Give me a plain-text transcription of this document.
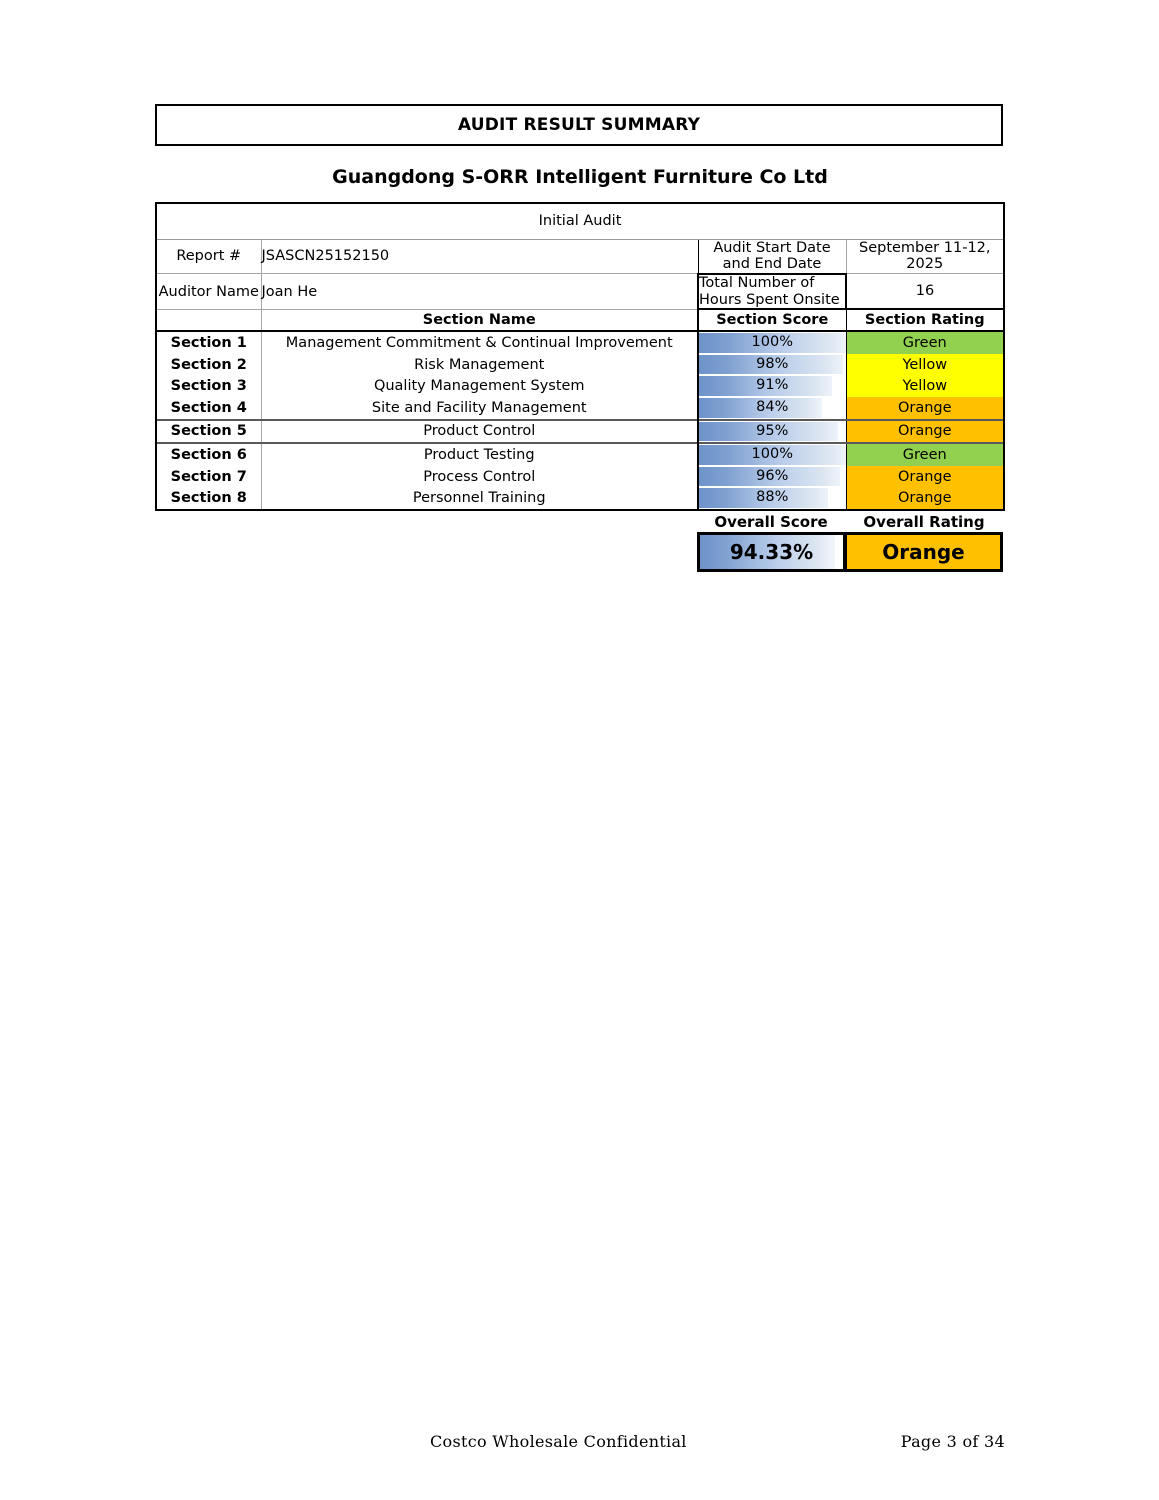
AUDIT RESULT SUMMARY
Guangdong S-ORR Intelligent Furniture Co Ltd
Initial Audit			
Report #	JSASCN25152150	Audit Start Date and End Date	September 11-12, 2025
Auditor Name	Joan He	Total Number of Hours Spent Onsite	16
	Section Name	Section Score	Section Rating
Section 1	Management Commitment & Continual Improvement	100%	Green
Section 2	Risk Management	98%	Yellow
Section 3	Quality Management System	91%	Yellow
Section 4	Site and Facility Management	84%	Orange
Section 5	Product Control	95%	Orange
Section 6	Product Testing	100%	Green
Section 7	Process Control	96%	Orange
Section 8	Personnel Training	88%	Orange
Overall Score	Overall Rating
94.33%	Orange
Costco Wholesale Confidential	Page 3 of 34
